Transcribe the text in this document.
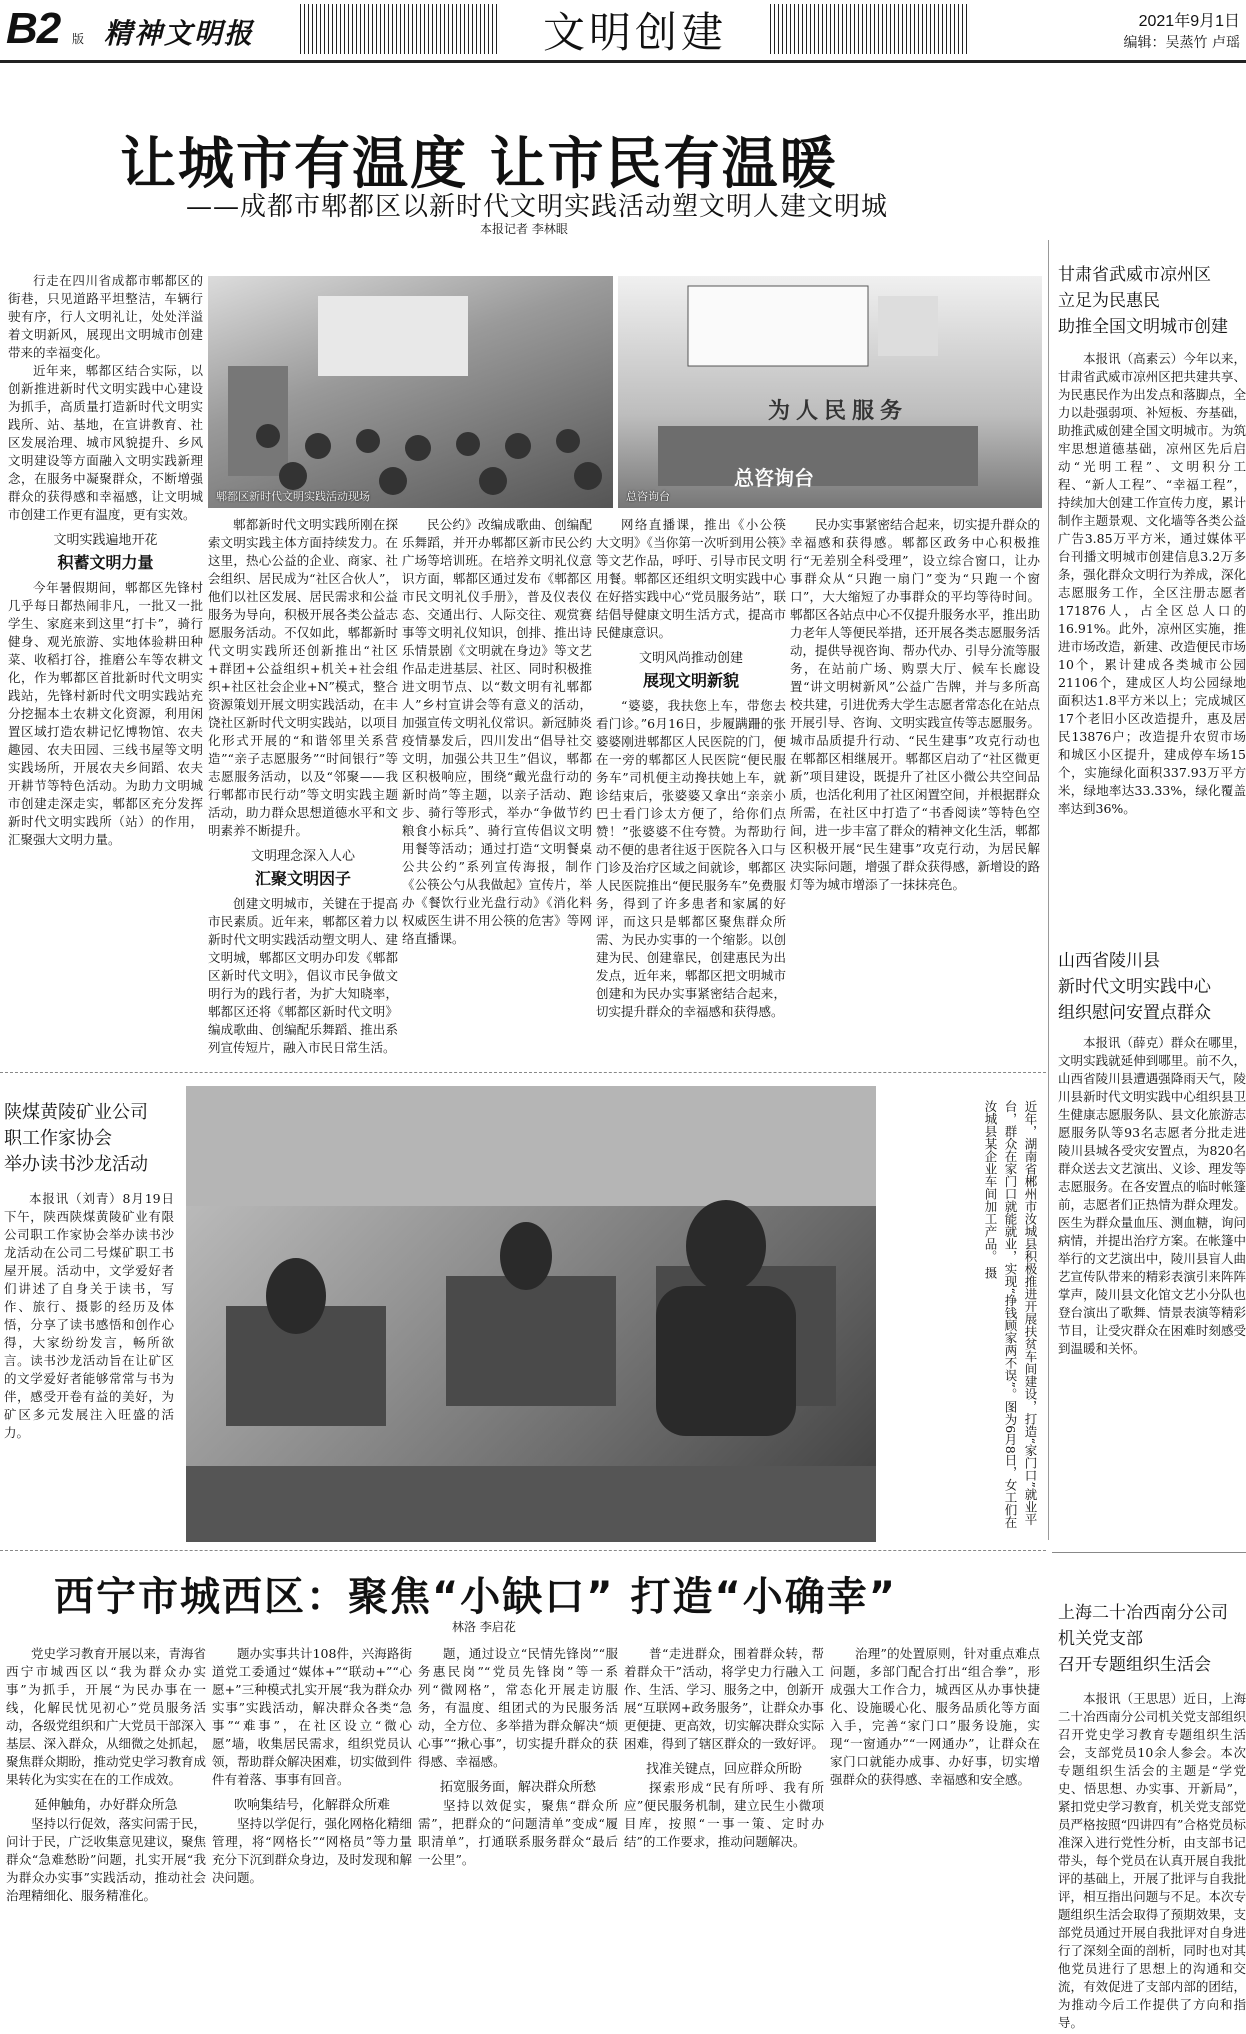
B2 版 精神文明报	文明创建	2021年9月1日
编辑：吴蒸竹 卢瑶
让城市有温度 让市民有温暖
——成都市郫都区以新时代文明实践活动塑文明人建文明城
本报记者 李林眼

行走在四川省成都市郫都区的街巷，只见道路平坦整洁，车辆行驶有序，行人文明礼让，处处洋溢着文明新风，展现出文明城市创建带来的幸福变化。

近年来，郫都区结合实际，以创新推进新时代文明实践中心建设为抓手，高质量打造新时代文明实践所、站、基地，在宣讲教育、社区发展治理、城市风貌提升、乡风文明建设等方面融入文明实践新理念，在服务中凝聚群众，不断增强群众的获得感和幸福感，让文明城市创建工作更有温度，更有实效。

文明实践遍地开花
积蓄文明力量

今年暑假期间，郫都区先锋村几乎每日都热闹非凡，一批又一批学生、家庭来到这里“打卡”，骑行健身、观光旅游、实地体验耕田种菜、收稻打谷，推磨公车等农耕文化，作为郫都区首批新时代文明实践站，先锋村新时代文明实践站充分挖掘本土农耕文化资源，利用闲置区域打造农耕记忆博物馆、农夫趣园、农夫田园、三线书屋等文明实践场所，开展农夫乡间蹈、农夫开耕节等特色活动。为助力文明城市创建走深走实，郫都区充分发挥新时代文明实践所（站）的作用，汇聚强大文明力量。

郫都区新时代文明实践活动现场
为人民服务
总咨询台
总咨询台

郫都新时代文明实践所刚在探索文明实践主体方面持续发力。在这里，热心公益的企业、商家、社会组织、居民成为“社区合伙人”，他们以社区发展、居民需求和公益服务为导向，积极开展各类公益志愿服务活动。不仅如此，郫都新时代文明实践所还创新推出“社区+群团+公益组织+机关+社会组织+社区社会企业+N”模式，整合资源策划开展文明实践活动，在丰饶社区新时代文明实践站，以项目化形式开展的“和谐邻里关系营造”“亲子志愿服务”“时间银行”等志愿服务活动，以及“邻聚——我行郫都市民行动”等文明实践主题活动，助力群众思想道德水平和文明素养不断提升。

文明理念深入人心
汇聚文明因子

创建文明城市，关键在于提高市民素质。近年来，郫都区着力以新时代文明实践活动塑文明人、建文明城，郫都区文明办印发《郫都区新时代文明》，倡议市民争做文明行为的践行者，为扩大知晓率，郫都区还将《郫都区新时代文明》编成歌曲、创编配乐舞蹈、推出系列宣传短片，融入市民日常生活。

民公约》改编成歌曲、创编配乐舞蹈，并开办郫都区新市民公约广场等培训班。在培养文明礼仪意识方面，郫都区通过发布《郫都区市民文明礼仪手册》，普及仪表仪态、交通出行、人际交往、观赏赛事等文明礼仪知识，创排、推出诗乐情景剧《文明就在身边》等文艺作品走进基层、社区、同时积极推进文明节点、以“数文明有礼郫都人”乡村宣讲会等有意义的活动，加强宣传文明礼仪常识。新冠肺炎疫情暴发后，四川发出“倡导社交文明，加强公共卫生”倡议，郫都区积极响应，围绕“戴光盘行动的新时尚”等主题，以亲子活动、跑步、骑行等形式，举办“争做节约粮食小标兵”、骑行宣传倡议文明用餐等活动；通过打造“文明餐桌公共公约”系列宣传海报，制作《公筷公勺从我做起》宣传片，举办《餐饮行业光盘行动》《消化料权威医生讲不用公筷的危害》等网络直播课。

网络直播课，推出《小公筷 大文明》《当你第一次听到用公筷》等文艺作品，呼吁、引导市民文明用餐。郫都区还组织文明实践中心在好搭实践中心“党员服务站”，联结倡导健康文明生活方式，提高市民健康意识。

文明风尚推动创建
展现文明新貌

“婆婆，我扶您上车，带您去看门诊。”6月16日，步履蹒跚的张婆婆刚进郫都区人民医院的门，便在一旁的郫都区人民医院“便民服务车”司机便主动搀扶她上车，就诊结束后，张婆婆又拿出“亲亲小巴士看门诊太方便了，给你们点赞！”张婆婆不住夸赞。为帮助行动不便的患者往返于医院各入口与门诊及治疗区域之间就诊，郫都区人民医院推出“便民服务车”免费服务，得到了许多患者和家属的好评，而这只是郫都区聚焦群众所需、为民办实事的一个缩影。以创建为民、创建靠民，创建惠民为出发点，近年来，郫都区把文明城市创建和为民办实事紧密结合起来，切实提升群众的幸福感和获得感。

民办实事紧密结合起来，切实提升群众的幸福感和获得感。郫都区政务中心积极推行“无差别全科受理”，设立综合窗口，让办事群众从“只跑一扇门”变为“只跑一个窗口”，大大缩短了办事群众的平均等待时间。郫都区各站点中心不仅提升服务水平，推出助力老年人等便民举措，还开展各类志愿服务活动，提供导视咨询、帮办代办、引导分流等服务，在站前广场、购票大厅、候车长廊设置“讲文明树新风”公益广告牌，并与多所高校共建，引进优秀大学生志愿者常态化在站点开展引导、咨询、文明实践宣传等志愿服务。城市品质提升行动、“民生建事”攻克行动也在郫都区相继展开。郫都区启动了“社区微更新”项目建设，既提升了社区小微公共空间品质，也活化利用了社区闲置空间，并根据群众所需，在社区中打造了“书香阅读”等特色空间，进一步丰富了群众的精神文化生活，郫都区积极开展“民生建事”攻克行动，为居民解决实际问题，增强了群众获得感，新增设的路灯等为城市增添了一抹抹亮色。

甘肃省武威市凉州区
立足为民惠民
助推全国文明城市创建

本报讯（高素云）今年以来，甘肃省武威市凉州区把共建共享、为民惠民作为出发点和落脚点，全力以赴强弱项、补短板、夯基础，助推武威创建全国文明城市。为筑牢思想道德基础，凉州区先后启动“光明工程”、文明积分工程、“新人工程”、“幸福工程”，持续加大创建工作宣传力度，累计制作主题景观、文化墙等各类公益广告3.85万平方米，通过媒体平台刊播文明城市创建信息3.2万多条，强化群众文明行为养成，深化志愿服务工作，全区注册志愿者171876人，占全区总人口的16.91%。此外，凉州区实施，推进市场改造，新建、改造便民市场10个，累计建成各类城市公园21106个，建成区人均公园绿地面积达1.8平方米以上；完成城区17个老旧小区改造提升，惠及居民13876户；改造提升农贸市场和城区小区提升，建成停车场15个，实施绿化面积337.93万平方米，绿地率达33.33%，绿化覆盖率达到36%。

山西省陵川县
新时代文明实践中心
组织慰问安置点群众

本报讯（薛克）群众在哪里，文明实践就延伸到哪里。前不久，山西省陵川县遭遇强降雨天气，陵川县新时代文明实践中心组织县卫生健康志愿服务队、县文化旅游志愿服务队等93名志愿者分批走进陵川县城各受灾安置点，为820名群众送去文艺演出、义诊、理发等志愿服务。在各安置点的临时帐篷前，志愿者们正热情为群众理发。医生为群众量血压、测血糖，询问病情，并提出治疗方案。在帐篷中举行的文艺演出中，陵川县盲人曲艺宣传队带来的精彩表演引来阵阵掌声，陵川县文化馆文艺小分队也登台演出了歌舞、情景表演等精彩节目，让受灾群众在困难时刻感受到温暖和关怀。

上海二十冶西南分公司
机关党支部
召开专题组织生活会

本报讯（王思思）近日，上海二十冶西南分公司机关党支部组织召开党史学习教育专题组织生活会，支部党员10余人参会。本次专题组织生活会的主题是“学党史、悟思想、办实事、开新局”，紧扣党史学习教育，机关党支部党员严格按照“四讲四有”合格党员标准深入进行党性分析，由支部书记带头，每个党员在认真开展自我批评的基础上，开展了批评与自我批评，相互指出问题与不足。本次专题组织生活会取得了预期效果，支部党员通过开展自我批评对自身进行了深刻全面的剖析，同时也对其他党员进行了思想上的沟通和交流，有效促进了支部内部的团结，为推动今后工作提供了方向和指导。

陕煤黄陵矿业公司
职工作家协会
举办读书沙龙活动

本报讯（刘青）8月19日下午，陕西陕煤黄陵矿业有限公司职工作家协会举办读书沙龙活动在公司二号煤矿职工书屋开展。活动中，文学爱好者们讲述了自身关于读书，写作、旅行、摄影的经历及体悟，分享了读书感悟和创作心得，大家纷纷发言，畅所欲言。读书沙龙活动旨在让矿区的文学爱好者能够常常与书为伴，感受开卷有益的美好，为矿区多元发展注入旺盛的活力。	近年，湖南省郴州市汝城县积极推进开展扶贫车间建设，打造“家门口”就业平台，群众在家门口就能就业，实现“挣钱顾家两不误”。图为6月8日，女工们在汝城县某企业车间加工产品。 摄
西宁市城西区：聚焦“小缺口” 打造“小确幸”
林洛 李启花

党史学习教育开展以来，青海省西宁市城西区以“我为群众办实事”为抓手，开展“为民办事在一线，化解民忧见初心”党员服务活动，各级党组织和广大党员干部深入基层、深入群众，从细微之处抓起，聚焦群众期盼，推动党史学习教育成果转化为实实在在的工作成效。

延伸触角，办好群众所急

坚持以行促效，落实问需于民，问计于民，广泛收集意见建议，聚焦群众“急难愁盼”问题，扎实开展“我为群众办实事”实践活动，推动社会治理精细化、服务精准化。

题办实事共计108件，兴海路街道党工委通过“媒体+”“联动+”“心愿+”三种模式扎实开展“我为群众办实事”实践活动，解决群众各类“急事”“难事”，在社区设立“微心愿”墙，收集居民需求，组织党员认领，帮助群众解决困难，切实做到件件有着落、事事有回音。

吹响集结号，化解群众所难

坚持以学促行，强化网格化精细管理，将“网格长”“网格员”等力量充分下沉到群众身边，及时发现和解决问题。

题，通过设立“民情先锋岗”“服务惠民岗”“党员先锋岗”等一系列“微网格”，常态化开展走访服务，有温度、组团式的为民服务活动，全方位、多举措为群众解决“烦心事”“揪心事”，切实提升群众的获得感、幸福感。

拓宽服务面，解决群众所愁

坚持以效促实，聚焦“群众所需”，把群众的“问题清单”变成“履职清单”，打通联系服务群众“最后一公里”。

普“走进群众，围着群众转，帮着群众干”活动，将学史力行融入工作、生活、学习、服务之中，创新开展“互联网+政务服务”，让群众办事更便捷、更高效，切实解决群众实际困难，得到了辖区群众的一致好评。

找准关键点，回应群众所盼

探索形成“民有所呼、我有所应”便民服务机制，建立民生小微项目库，按照“一事一策、定时办结”的工作要求，推动问题解决。

治理”的处置原则，针对重点难点问题，多部门配合打出“组合拳”，形成强大工作合力，城西区从办事快捷化、设施暖心化、服务品质化等方面入手，完善“家门口”服务设施，实现“一窗通办”“一网通办”，让群众在家门口就能办成事、办好事，切实增强群众的获得感、幸福感和安全感。
